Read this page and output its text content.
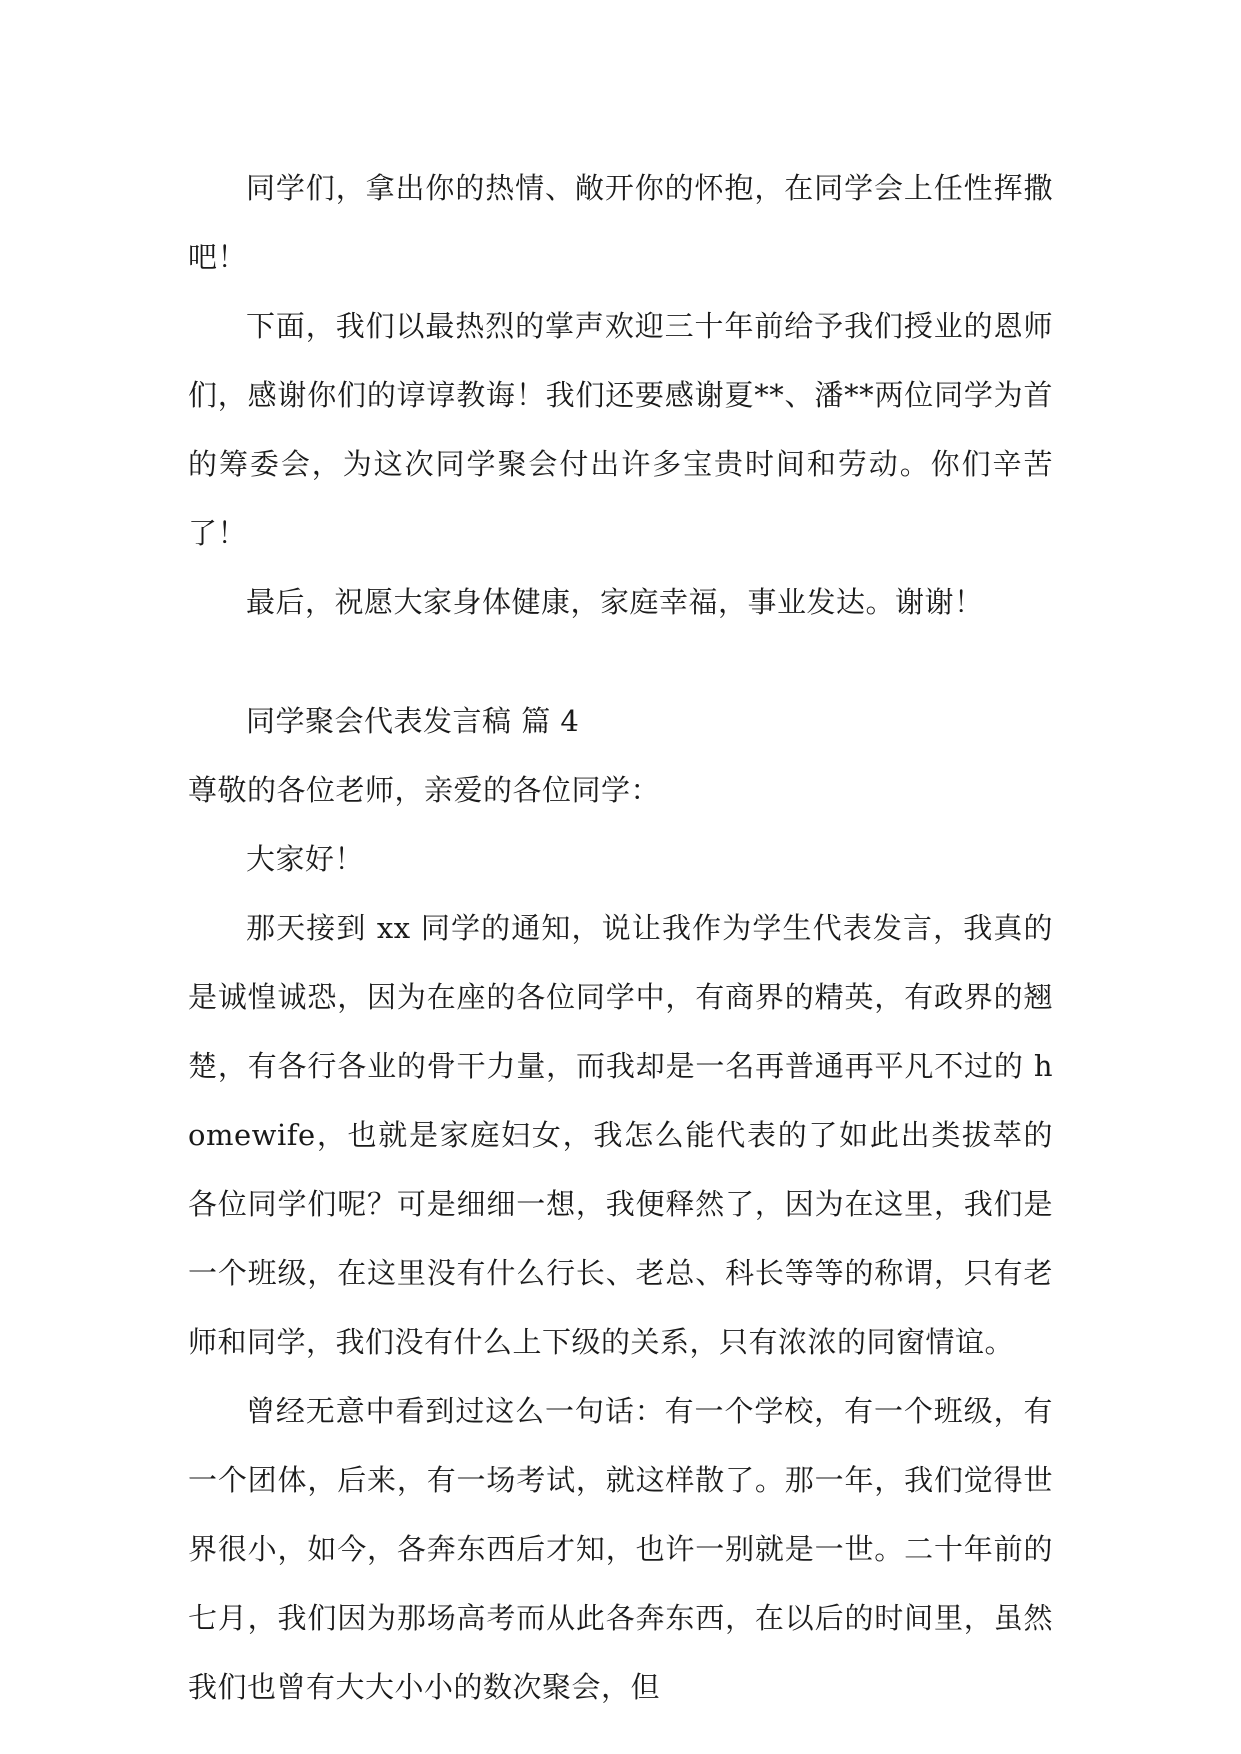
同学们，拿出你的热情、敞开你的怀抱，在同学会上任性挥撒吧！

下面，我们以最热烈的掌声欢迎三十年前给予我们授业的恩师们，感谢你们的谆谆教诲！我们还要感谢夏**、潘**两位同学为首的筹委会，为这次同学聚会付出许多宝贵时间和劳动。你们辛苦了！

最后，祝愿大家身体健康，家庭幸福，事业发达。谢谢！

同学聚会代表发言稿 篇 4

尊敬的各位老师，亲爱的各位同学：

大家好！

那天接到 xx 同学的通知，说让我作为学生代表发言，我真的是诚惶诚恐，因为在座的各位同学中，有商界的精英，有政界的翘楚，有各行各业的骨干力量，而我却是一名再普通再平凡不过的 homewife，也就是家庭妇女，我怎么能代表的了如此出类拔萃的各位同学们呢？可是细细一想，我便释然了，因为在这里，我们是一个班级，在这里没有什么行长、老总、科长等等的称谓，只有老师和同学，我们没有什么上下级的关系，只有浓浓的同窗情谊。

曾经无意中看到过这么一句话：有一个学校，有一个班级，有一个团体，后来，有一场考试，就这样散了。那一年，我们觉得世界很小，如今，各奔东西后才知，也许一别就是一世。二十年前的七月，我们因为那场高考而从此各奔东西，在以后的时间里，虽然我们也曾有大大小小的数次聚会，但
